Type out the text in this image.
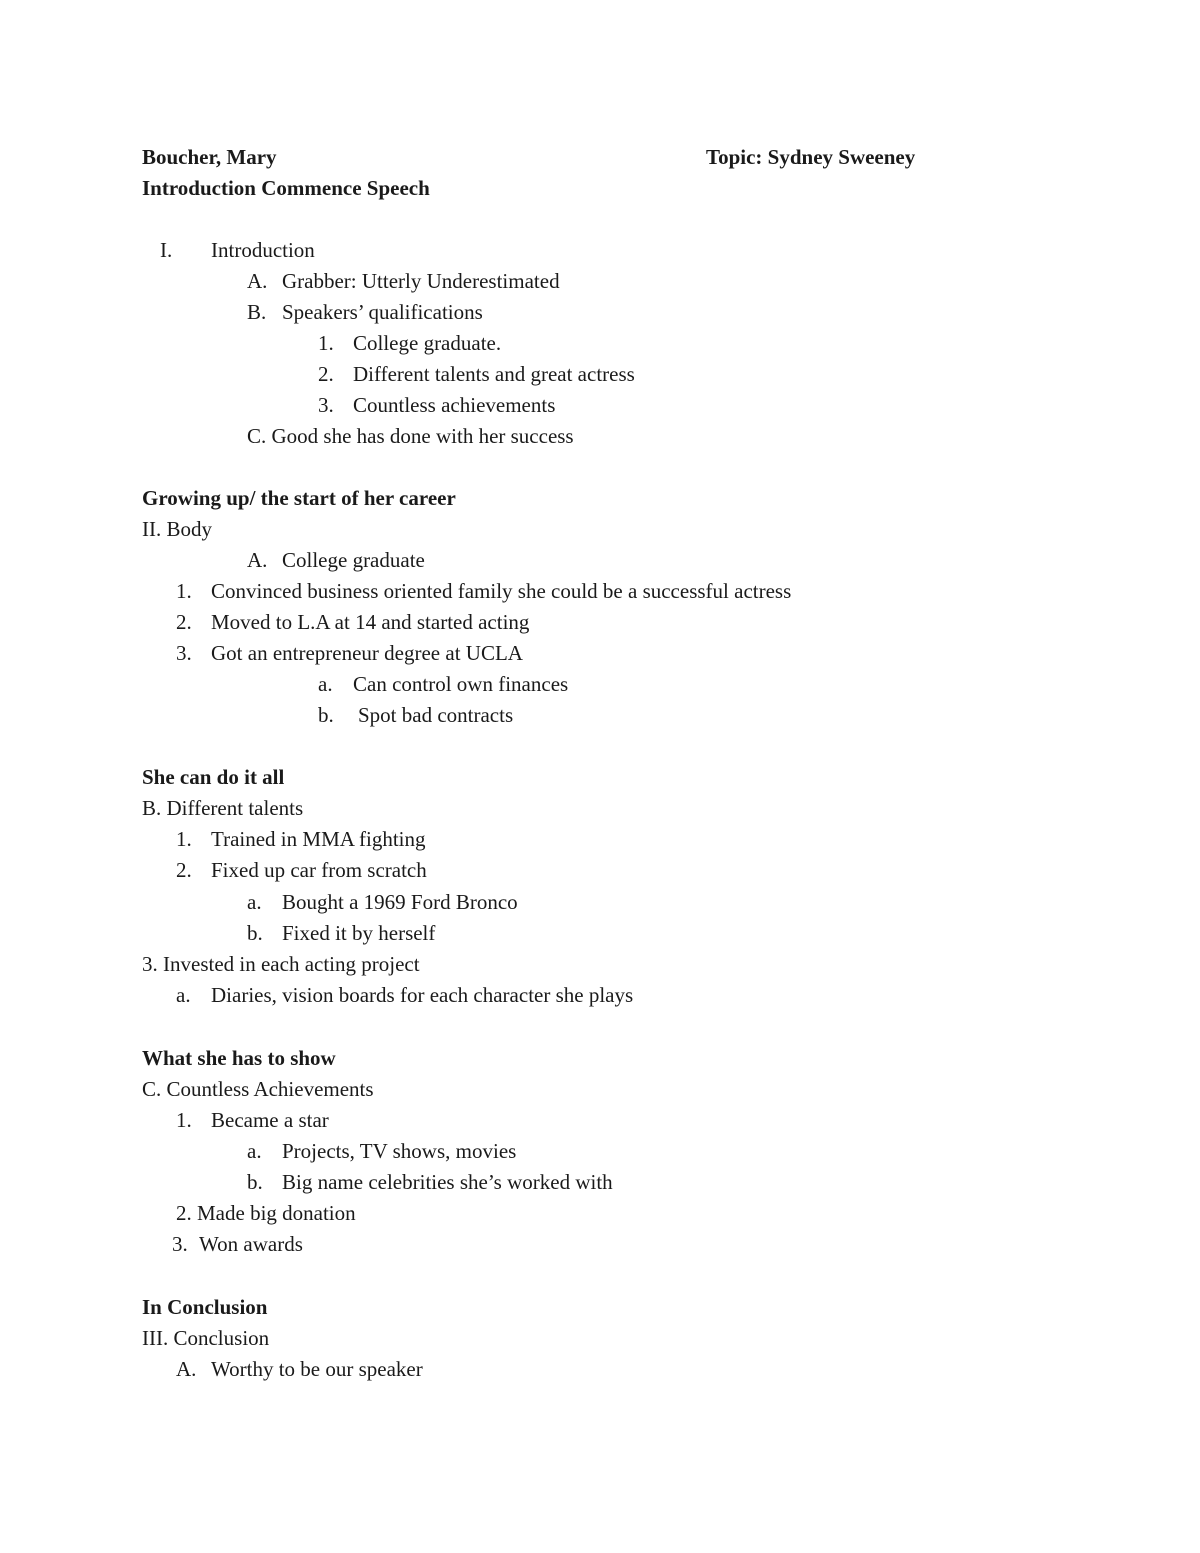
Boucher, Mary	Topic: Sydney Sweeney
Introduction Commence Speech
I. Introduction
A. Grabber: Utterly Underestimated
B. Speakers’ qualifications
1. College graduate.
2. Different talents and great actress
3. Countless achievements
C. Good she has done with her success
Growing up/ the start of her career
II. Body
A. College graduate
1. Convinced business oriented family she could be a successful actress
2. Moved to L.A at 14 and started acting
3. Got an entrepreneur degree at UCLA
a. Can control own finances
b. Spot bad contracts
She can do it all
B. Different talents
1. Trained in MMA fighting
2. Fixed up car from scratch
a. Bought a 1969 Ford Bronco
b. Fixed it by herself
3. Invested in each acting project
a. Diaries, vision boards for each character she plays
What she has to show
C. Countless Achievements
1. Became a star
a. Projects, TV shows, movies
b. Big name celebrities she’s worked with
2. Made big donation
3. Won awards
In Conclusion
III. Conclusion
A. Worthy to be our speaker
